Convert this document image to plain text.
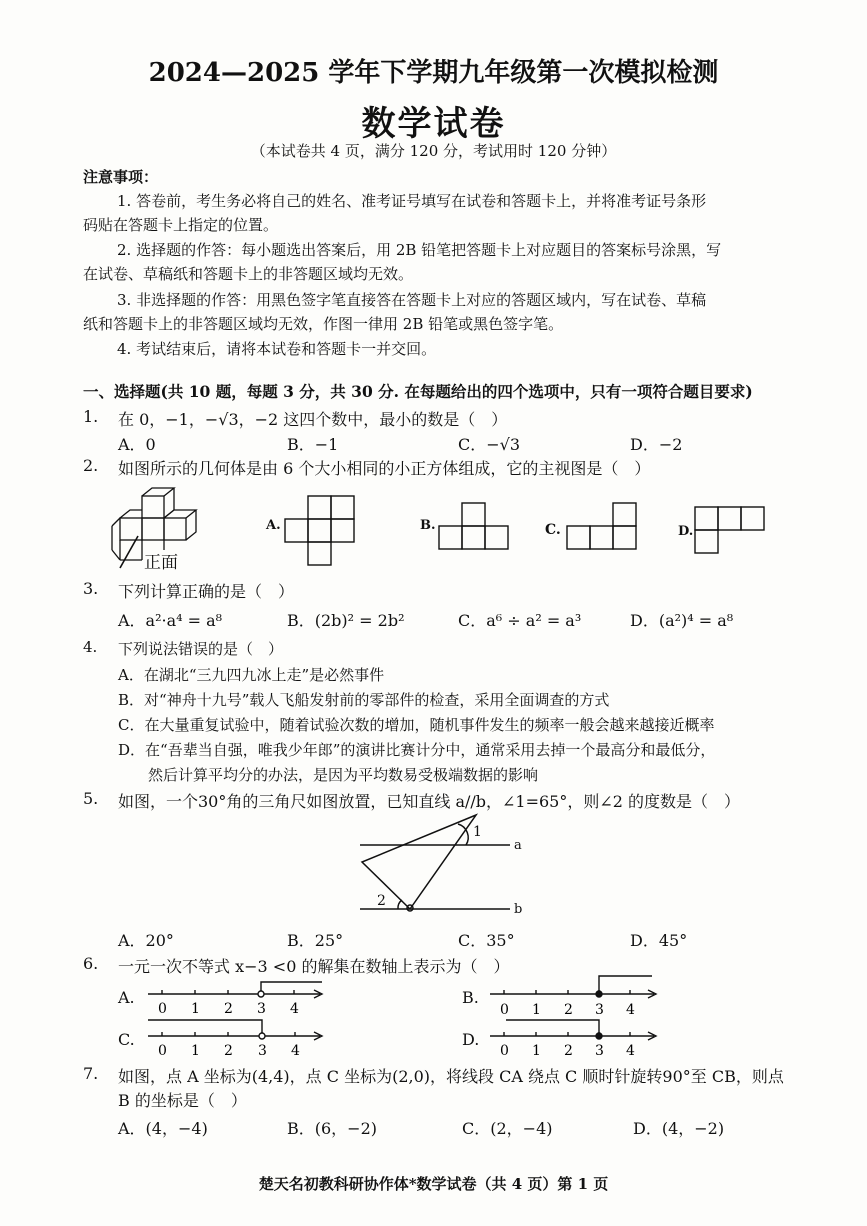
2024—2025 学年下学期九年级第一次模拟检测
数学试卷
（本试卷共 4 页，满分 120 分，考试用时 120 分钟）
注意事项：
1. 答卷前，考生务必将自己的姓名、准考证号填写在试卷和答题卡上，并将准考证号条形
码贴在答题卡上指定的位置。
2. 选择题的作答：每小题选出答案后，用 2B 铅笔把答题卡上对应题目的答案标号涂黑，写
在试卷、草稿纸和答题卡上的非答题区域均无效。
3. 非选择题的作答：用黑色签字笔直接答在答题卡上对应的答题区域内，写在试卷、草稿
纸和答题卡上的非答题区域均无效，作图一律用 2B 铅笔或黑色签字笔。
4. 考试结束后，请将本试卷和答题卡一并交回。
一、选择题(共 10 题，每题 3 分，共 30 分. 在每题给出的四个选项中，只有一项符合题目要求)
1. 在 0，−1，−√3，−2 这四个数中，最小的数是（　）
A．0	B．−1	C．−√3	D．−2
2. 如图所示的几何体是由 6 个大小相同的小正方体组成，它的主视图是（　）
正面
A.	B.	C.	D.
3. 下列计算正确的是（　）
A．a²·a⁴ = a⁸	B．(2b)² = 2b²	C．a⁶ ÷ a² = a³	D．(a²)⁴ = a⁸
4. 下列说法错误的是（　）
A．在湖北“三九四九冰上走”是必然事件
B．对“神舟十九号”载人飞船发射前的零部件的检查，采用全面调查的方式
C．在大量重复试验中，随着试验次数的增加，随机事件发生的频率一般会越来越接近概率
D．在“吾辈当自强，唯我少年郎”的演讲比赛计分中，通常采用去掉一个最高分和最低分，
然后计算平均分的办法，是因为平均数易受极端数据的影响
5. 如图，一个30°角的三角尺如图放置，已知直线 a//b，∠1=65°，则∠2 的度数是（　）
1
2
a
b
A．20°	B．25°	C．35°	D．45°
6. 一元一次不等式 x−3 <0 的解集在数轴上表示为（　）
A.
0 1 2 3 4
B.
0 1 2 3 4
C.
0 1 2 3 4
D.
0 1 2 3 4
7. 如图，点 A 坐标为(4,4)，点 C 坐标为(2,0)，将线段 CA 绕点 C 顺时针旋转90°至 CB，则点
B 的坐标是（　）
A．(4，−4)	B．(6，−2)	C．(2，−4)	D．(4，−2)
楚天名初教科研协作体*数学试卷（共 4 页）第 1 页
